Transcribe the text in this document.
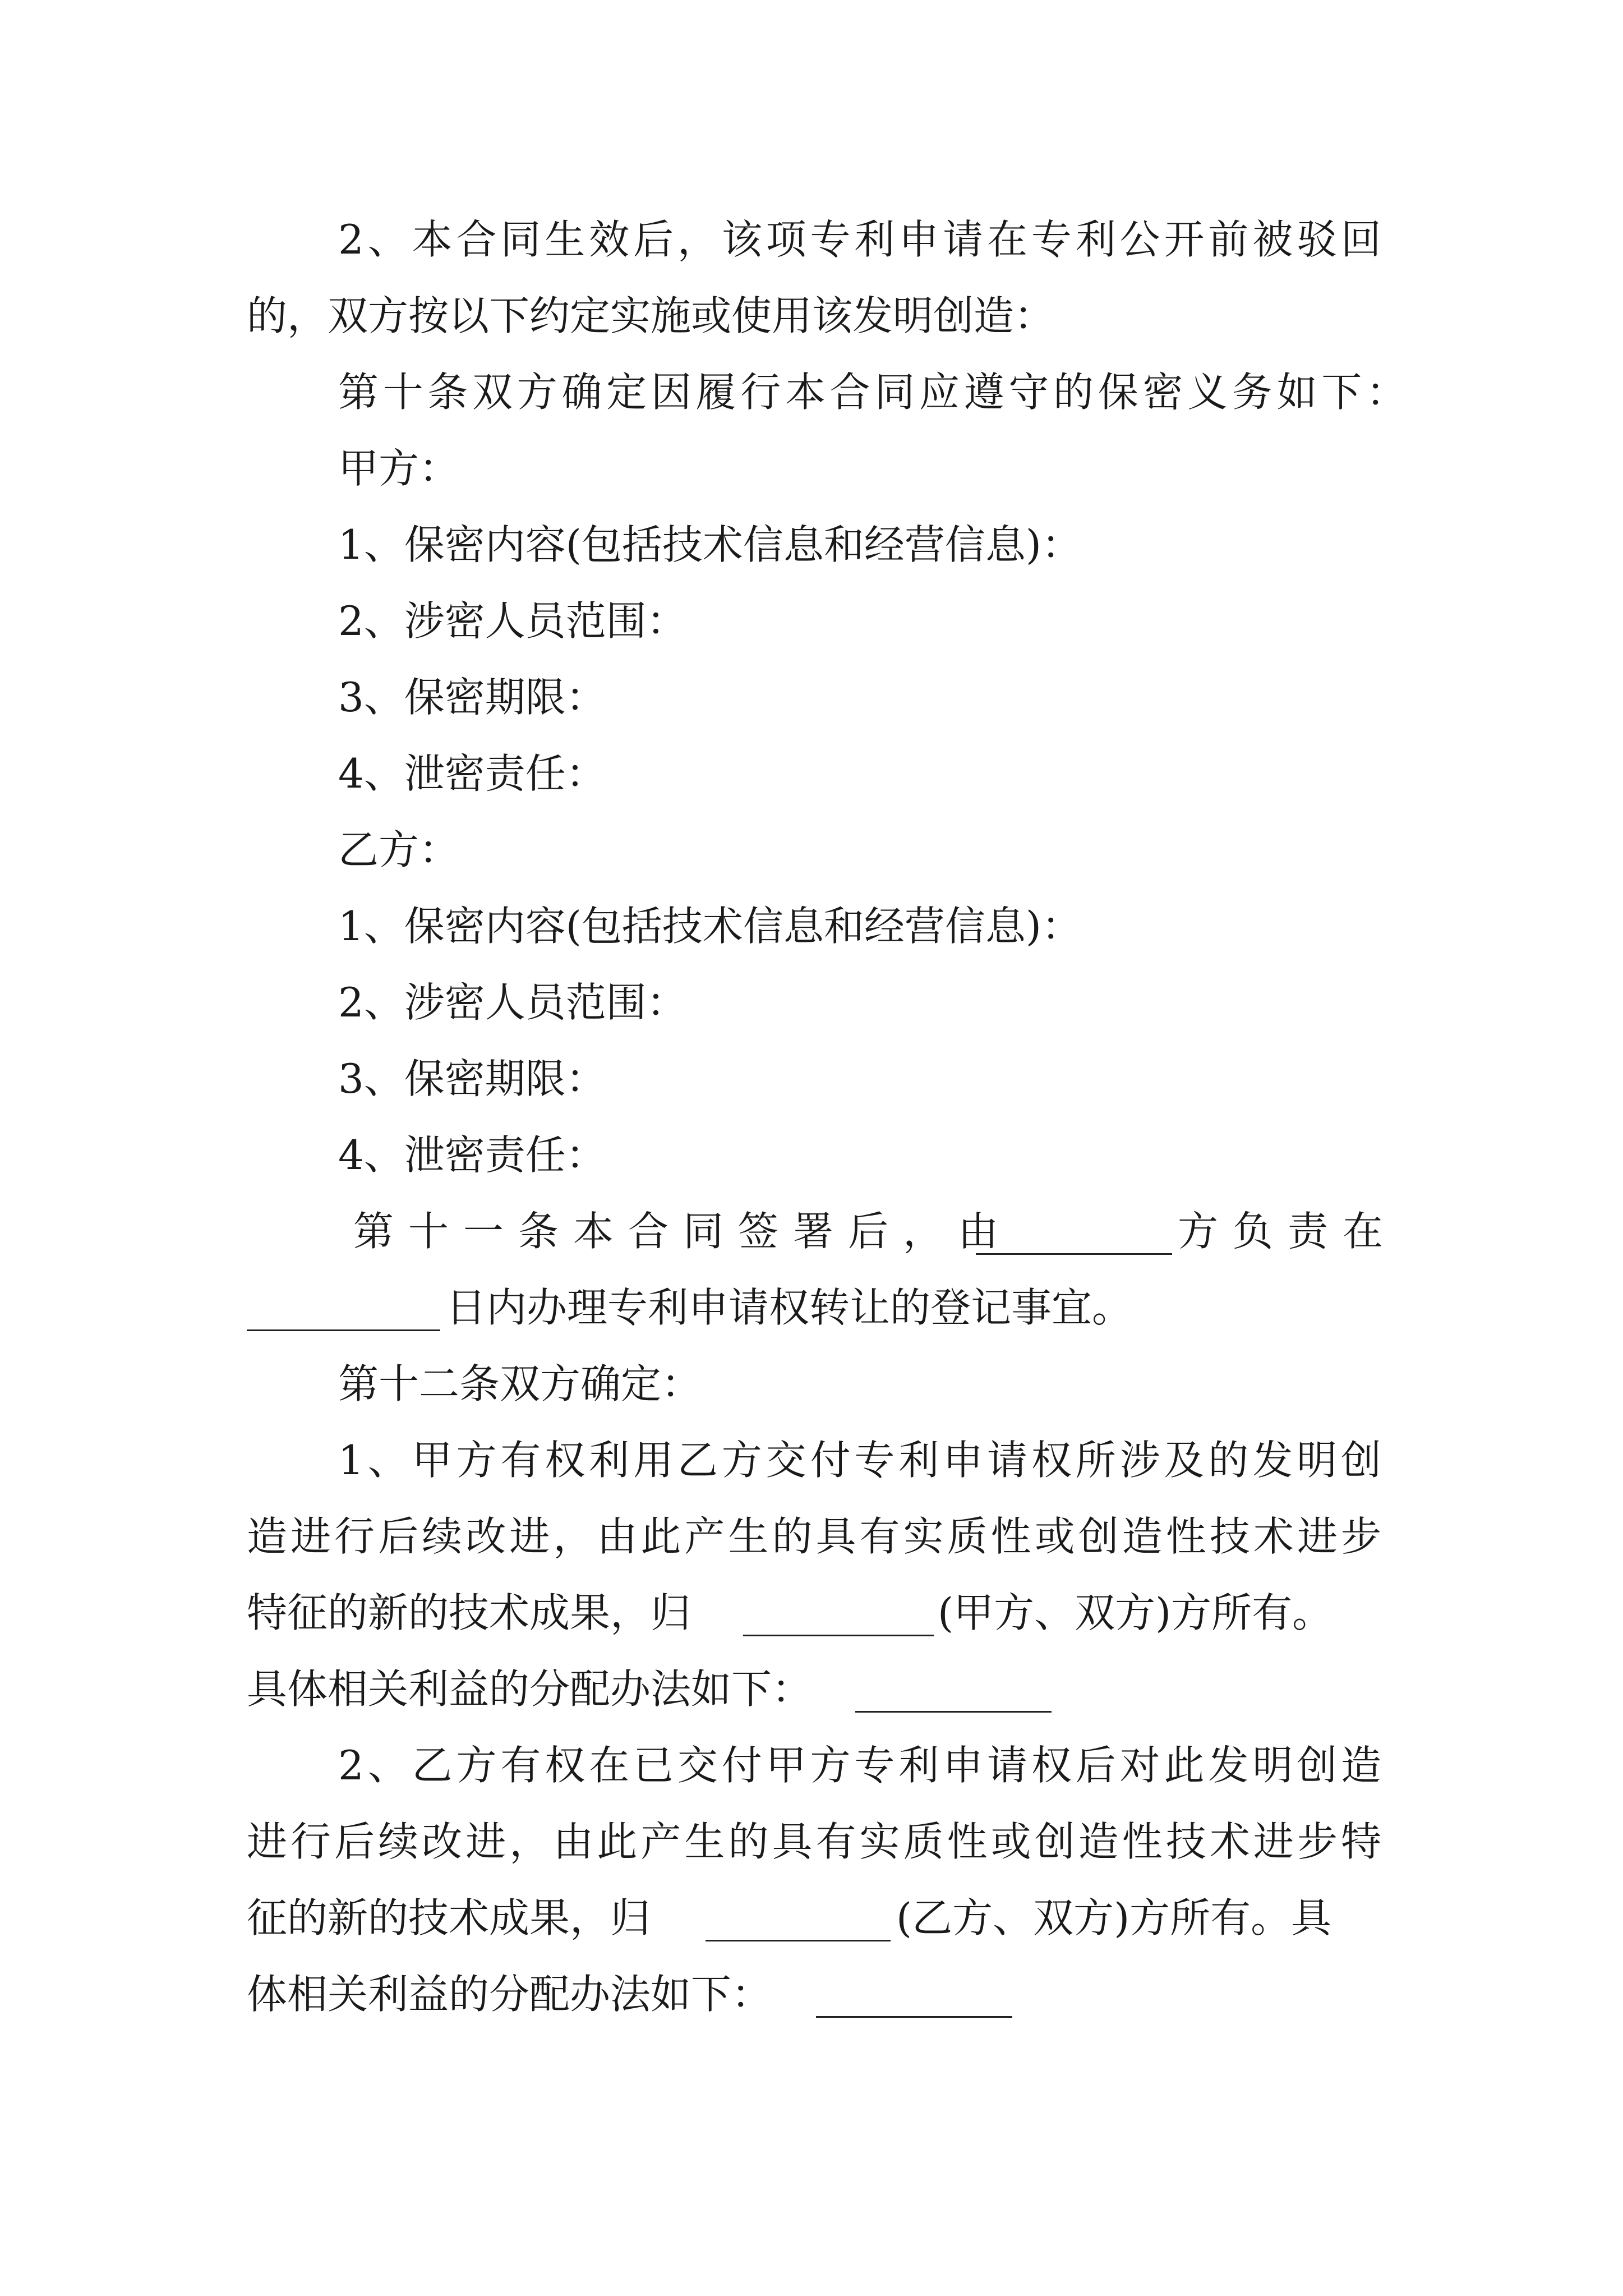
2、本合同生效后，该项专利申请在专利公开前被驳回
的，双方按以下约定实施或使用该发明创造：
第十条双方确定因履行本合同应遵守的保密义务如下：
甲方：
1、保密内容(包括技术信息和经营信息)：
2、涉密人员范围：
3、保密期限：
4、泄密责任：
乙方：
1、保密内容(包括技术信息和经营信息)：
2、涉密人员范围：
3、保密期限：
4、泄密责任：
第十一条本合同签署后，由	方负责在
日内办理专利申请权转让的登记事宜。
第十二条双方确定：
1、甲方有权利用乙方交付专利申请权所涉及的发明创
造进行后续改进，由此产生的具有实质性或创造性技术进步
特征的新的技术成果，归	(甲方、双方)方所有。
具体相关利益的分配办法如下：
2、乙方有权在已交付甲方专利申请权后对此发明创造
进行后续改进，由此产生的具有实质性或创造性技术进步特
征的新的技术成果，归	(乙方、双方)方所有。具
体相关利益的分配办法如下：
